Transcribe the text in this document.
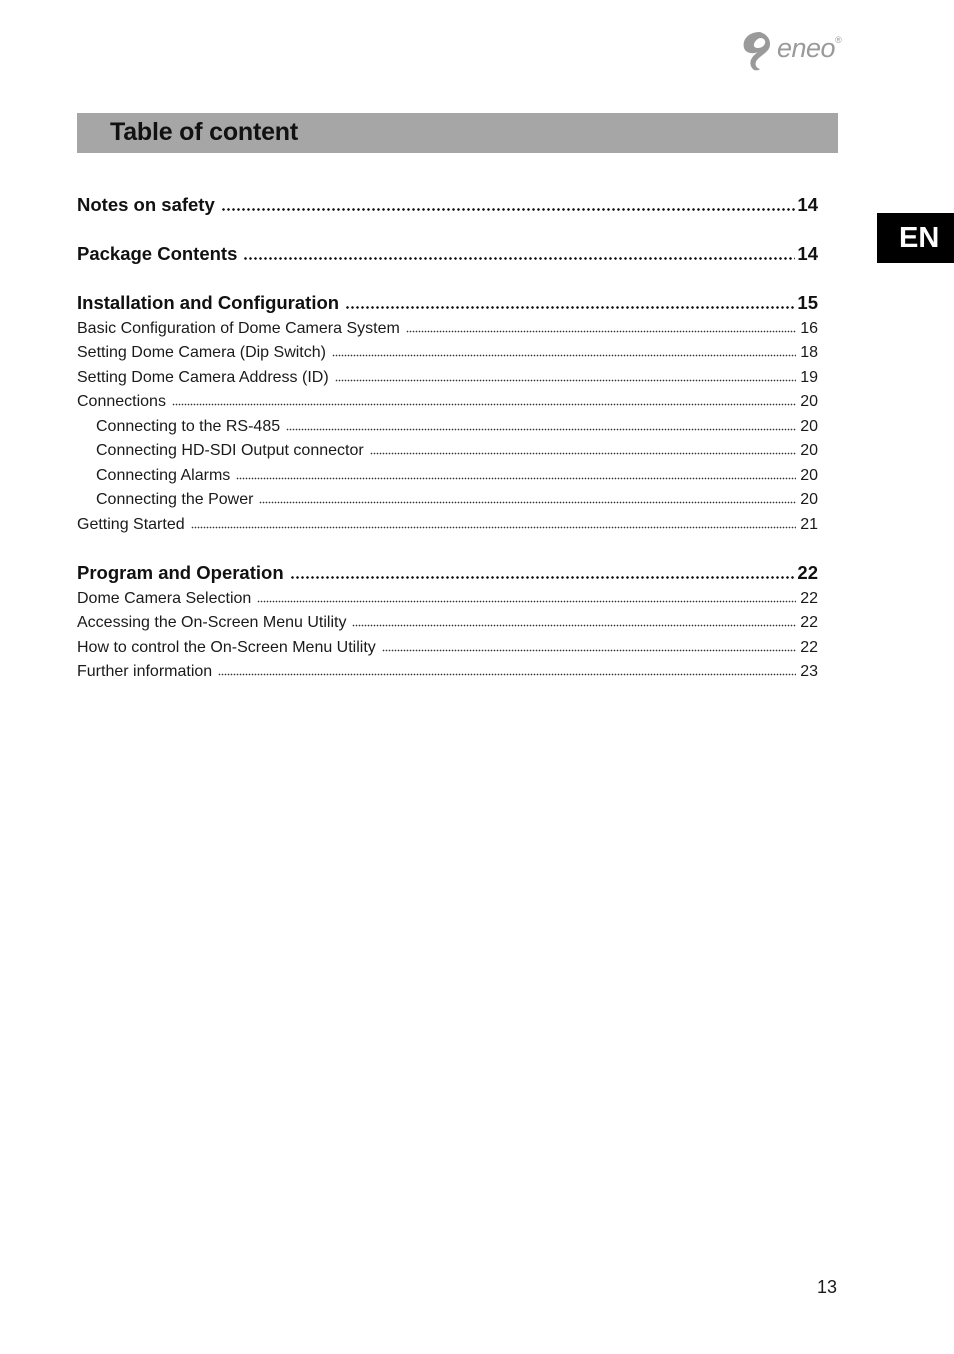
eneo®
Table of content
EN
Notes on safety	14
Package Contents	14
Installation and Configuration	15
Basic Configuration of Dome Camera System	16
Setting Dome Camera (Dip Switch)	18
Setting Dome Camera Address (ID)	19
Connections	20
Connecting to the RS-485	20
Connecting HD-SDI Output connector	20
Connecting Alarms	20
Connecting the Power	20
Getting Started	21
Program and Operation	22
Dome Camera Selection	22
Accessing the On-Screen Menu Utility	22
How to control the On-Screen Menu Utility	22
Further information	23
13
